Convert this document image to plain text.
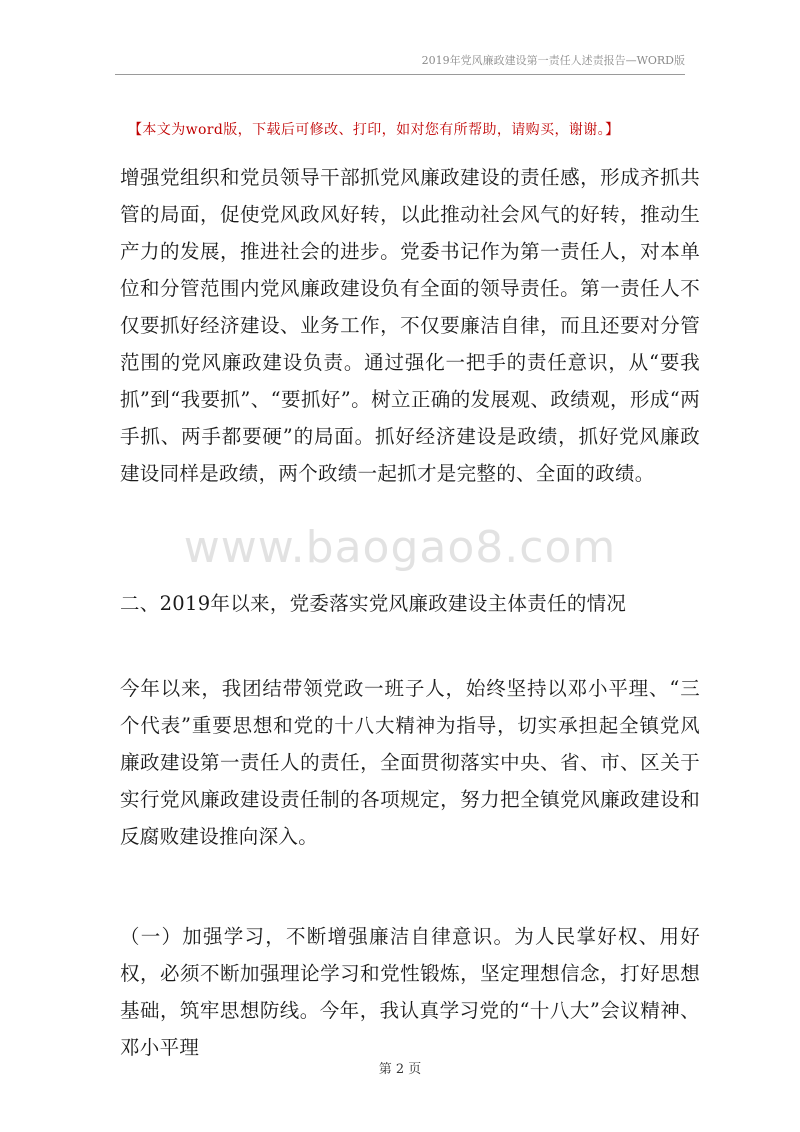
2019年党风廉政建设第一责任人述责报告—WORD版
【本文为word版，下载后可修改、打印，如对您有所帮助，请购买，谢谢。】

增强党组织和党员领导干部抓党风廉政建设的责任感，形成齐抓共管的局面，促使党风政风好转，以此推动社会风气的好转，推动生产力的发展，推进社会的进步。党委书记作为第一责任人，对本单位和分管范围内党风廉政建设负有全面的领导责任。第一责任人不仅要抓好经济建设、业务工作，不仅要廉洁自律，而且还要对分管范围的党风廉政建设负责。通过强化一把手的责任意识，从“要我抓”到“我要抓”、“要抓好”。树立正确的发展观、政绩观，形成“两手抓、两手都要硬”的局面。抓好经济建设是政绩，抓好党风廉政建设同样是政绩，两个政绩一起抓才是完整的、全面的政绩。

www.baogao8.com

二、2019年以来，党委落实党风廉政建设主体责任的情况

今年以来，我团结带领党政一班子人，始终坚持以邓小平理、“三个代表”重要思想和党的十八大精神为指导，切实承担起全镇党风廉政建设第一责任人的责任，全面贯彻落实中央、省、市、区关于实行党风廉政建设责任制的各项规定，努力把全镇党风廉政建设和反腐败建设推向深入。

（一）加强学习，不断增强廉洁自律意识。为人民掌好权、用好权，必须不断加强理论学习和党性锻炼，坚定理想信念，打好思想基础，筑牢思想防线。今年，我认真学习党的“十八大”会议精神、邓小平理

第 2 页
